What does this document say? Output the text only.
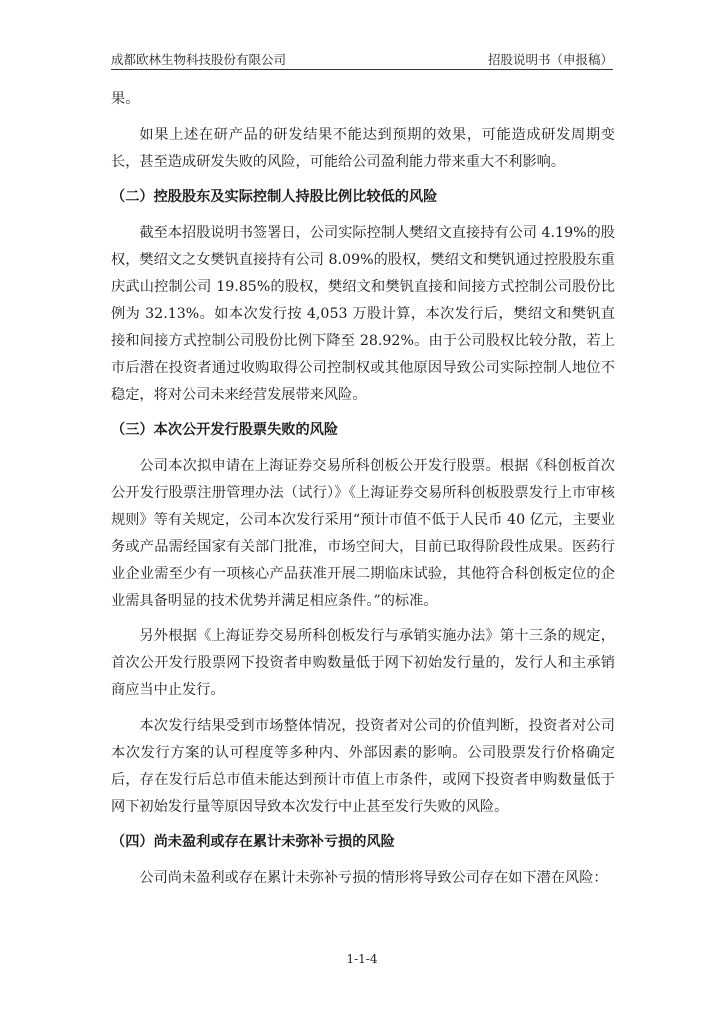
成都欧林生物科技股份有限公司	招股说明书（申报稿）

果。

如果上述在研产品的研发结果不能达到预期的效果，可能造成研发周期变长，甚至造成研发失败的风险，可能给公司盈利能力带来重大不利影响。

（二）控股股东及实际控制人持股比例比较低的风险

截至本招股说明书签署日，公司实际控制人樊绍文直接持有公司 4.19%的股权，樊绍文之女樊钒直接持有公司 8.09%的股权，樊绍文和樊钒通过控股股东重庆武山控制公司 19.85%的股权，樊绍文和樊钒直接和间接方式控制公司股份比例为 32.13%。如本次发行按 4,053 万股计算，本次发行后，樊绍文和樊钒直接和间接方式控制公司股份比例下降至 28.92%。由于公司股权比较分散，若上市后潜在投资者通过收购取得公司控制权或其他原因导致公司实际控制人地位不稳定，将对公司未来经营发展带来风险。

（三）本次公开发行股票失败的风险

公司本次拟申请在上海证券交易所科创板公开发行股票。根据《科创板首次公开发行股票注册管理办法（试行）》《上海证券交易所科创板股票发行上市审核规则》等有关规定，公司本次发行采用“预计市值不低于人民币 40 亿元，主要业务或产品需经国家有关部门批准，市场空间大，目前已取得阶段性成果。医药行业企业需至少有一项核心产品获准开展二期临床试验，其他符合科创板定位的企业需具备明显的技术优势并满足相应条件。”的标准。

另外根据《上海证券交易所科创板发行与承销实施办法》第十三条的规定，首次公开发行股票网下投资者申购数量低于网下初始发行量的，发行人和主承销商应当中止发行。

本次发行结果受到市场整体情况，投资者对公司的价值判断，投资者对公司本次发行方案的认可程度等多种内、外部因素的影响。公司股票发行价格确定后，存在发行后总市值未能达到预计市值上市条件，或网下投资者申购数量低于网下初始发行量等原因导致本次发行中止甚至发行失败的风险。

（四）尚未盈利或存在累计未弥补亏损的风险

公司尚未盈利或存在累计未弥补亏损的情形将导致公司存在如下潜在风险：

1-1-4
